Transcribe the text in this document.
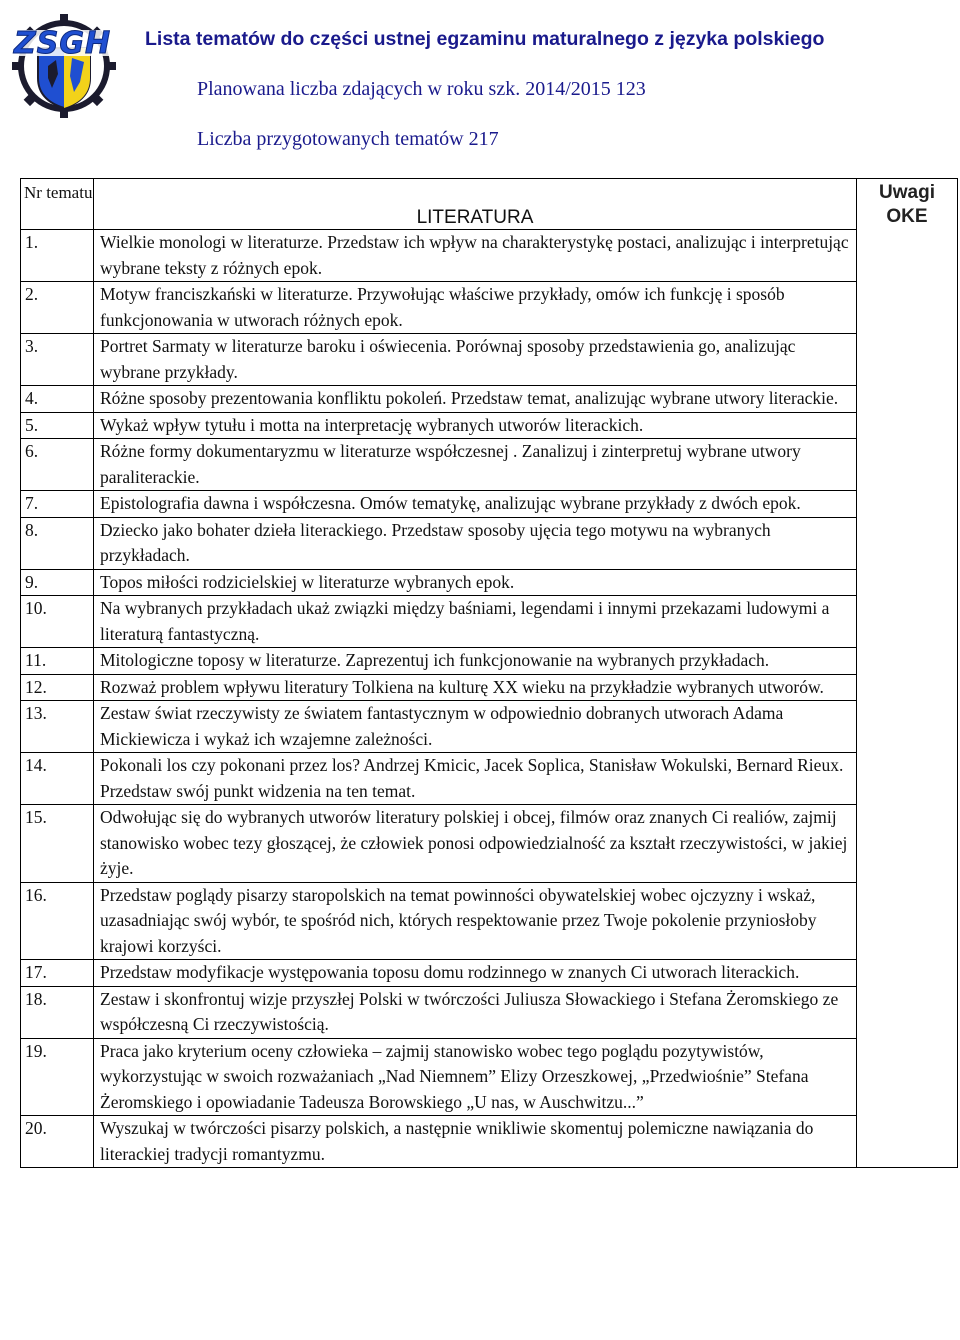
ZSGH Lista tematów do części ustnej egzaminu maturalnego z języka polskiego
Planowana liczba zdających w roku szk. 2014/2015 123
Liczba przygotowanych tematów 217
Nr tematu	LITERATURA	Uwagi OKE

1.	Wielkie monologi w literaturze. Przedstaw ich wpływ na charakterystykę postaci, analizując i interpretując wybrane teksty z różnych epok.	
2.	Motyw franciszkański w literaturze. Przywołując właściwe przykłady, omów ich funkcję i sposób funkcjonowania w utworach różnych epok.	
3.	Portret Sarmaty w literaturze baroku i oświecenia. Porównaj sposoby przedstawienia go, analizując wybrane przykłady.	
4.	Różne sposoby prezentowania konfliktu pokoleń. Przedstaw temat, analizując wybrane utwory literackie.	
5.	Wykaż wpływ tytułu i motta na interpretację wybranych utworów literackich.	
6.	Różne formy dokumentaryzmu w literaturze współczesnej . Zanalizuj i zinterpretuj wybrane utwory paraliterackie.	
7.	Epistolografia dawna i współczesna. Omów tematykę, analizując wybrane przykłady z dwóch epok.	
8.	Dziecko jako bohater dzieła literackiego. Przedstaw sposoby ujęcia tego motywu na wybranych przykładach.	
9.	Topos miłości rodzicielskiej w literaturze wybranych epok.	
10.	Na wybranych przykładach ukaż związki między baśniami, legendami i innymi przekazami ludowymi a literaturą fantastyczną.	
11.	Mitologiczne toposy w literaturze. Zaprezentuj ich funkcjonowanie na wybranych przykładach.	
12.	Rozważ problem wpływu literatury Tolkiena na kulturę XX wieku na przykładzie wybranych utworów.	
13.	Zestaw świat rzeczywisty ze światem fantastycznym w odpowiednio dobranych utworach Adama Mickiewicza i wykaż ich wzajemne zależności.	
14.	Pokonali los czy pokonani przez los? Andrzej Kmicic, Jacek Soplica, Stanisław Wokulski, Bernard Rieux. Przedstaw swój punkt widzenia na ten temat.	
15.	Odwołując się do wybranych utworów literatury polskiej i obcej, filmów oraz znanych Ci realiów, zajmij stanowisko wobec tezy głoszącej, że człowiek ponosi odpowiedzialność za kształt rzeczywistości, w jakiej żyje.	
16.	Przedstaw poglądy pisarzy staropolskich na temat powinności obywatelskiej wobec ojczyzny i wskaż, uzasadniając swój wybór, te spośród nich, których respektowanie przez Twoje pokolenie przyniosłoby krajowi korzyści.	
17.	Przedstaw modyfikacje występowania toposu domu rodzinnego w znanych Ci utworach literackich.	
18.	Zestaw i skonfrontuj wizje przyszłej Polski w twórczości Juliusza Słowackiego i Stefana Żeromskiego ze współczesną Ci rzeczywistością.	
19.	Praca jako kryterium oceny człowieka – zajmij stanowisko wobec tego poglądu pozytywistów, wykorzystując w swoich rozważaniach „Nad Niemnem” Elizy Orzeszkowej, „Przedwiośnie” Stefana Żeromskiego i opowiadanie Tadeusza Borowskiego „U nas, w Auschwitzu...”	
20.	Wyszukaj w twórczości pisarzy polskich, a następnie wnikliwie skomentuj polemiczne nawiązania do literackiej tradycji romantyzmu.	
